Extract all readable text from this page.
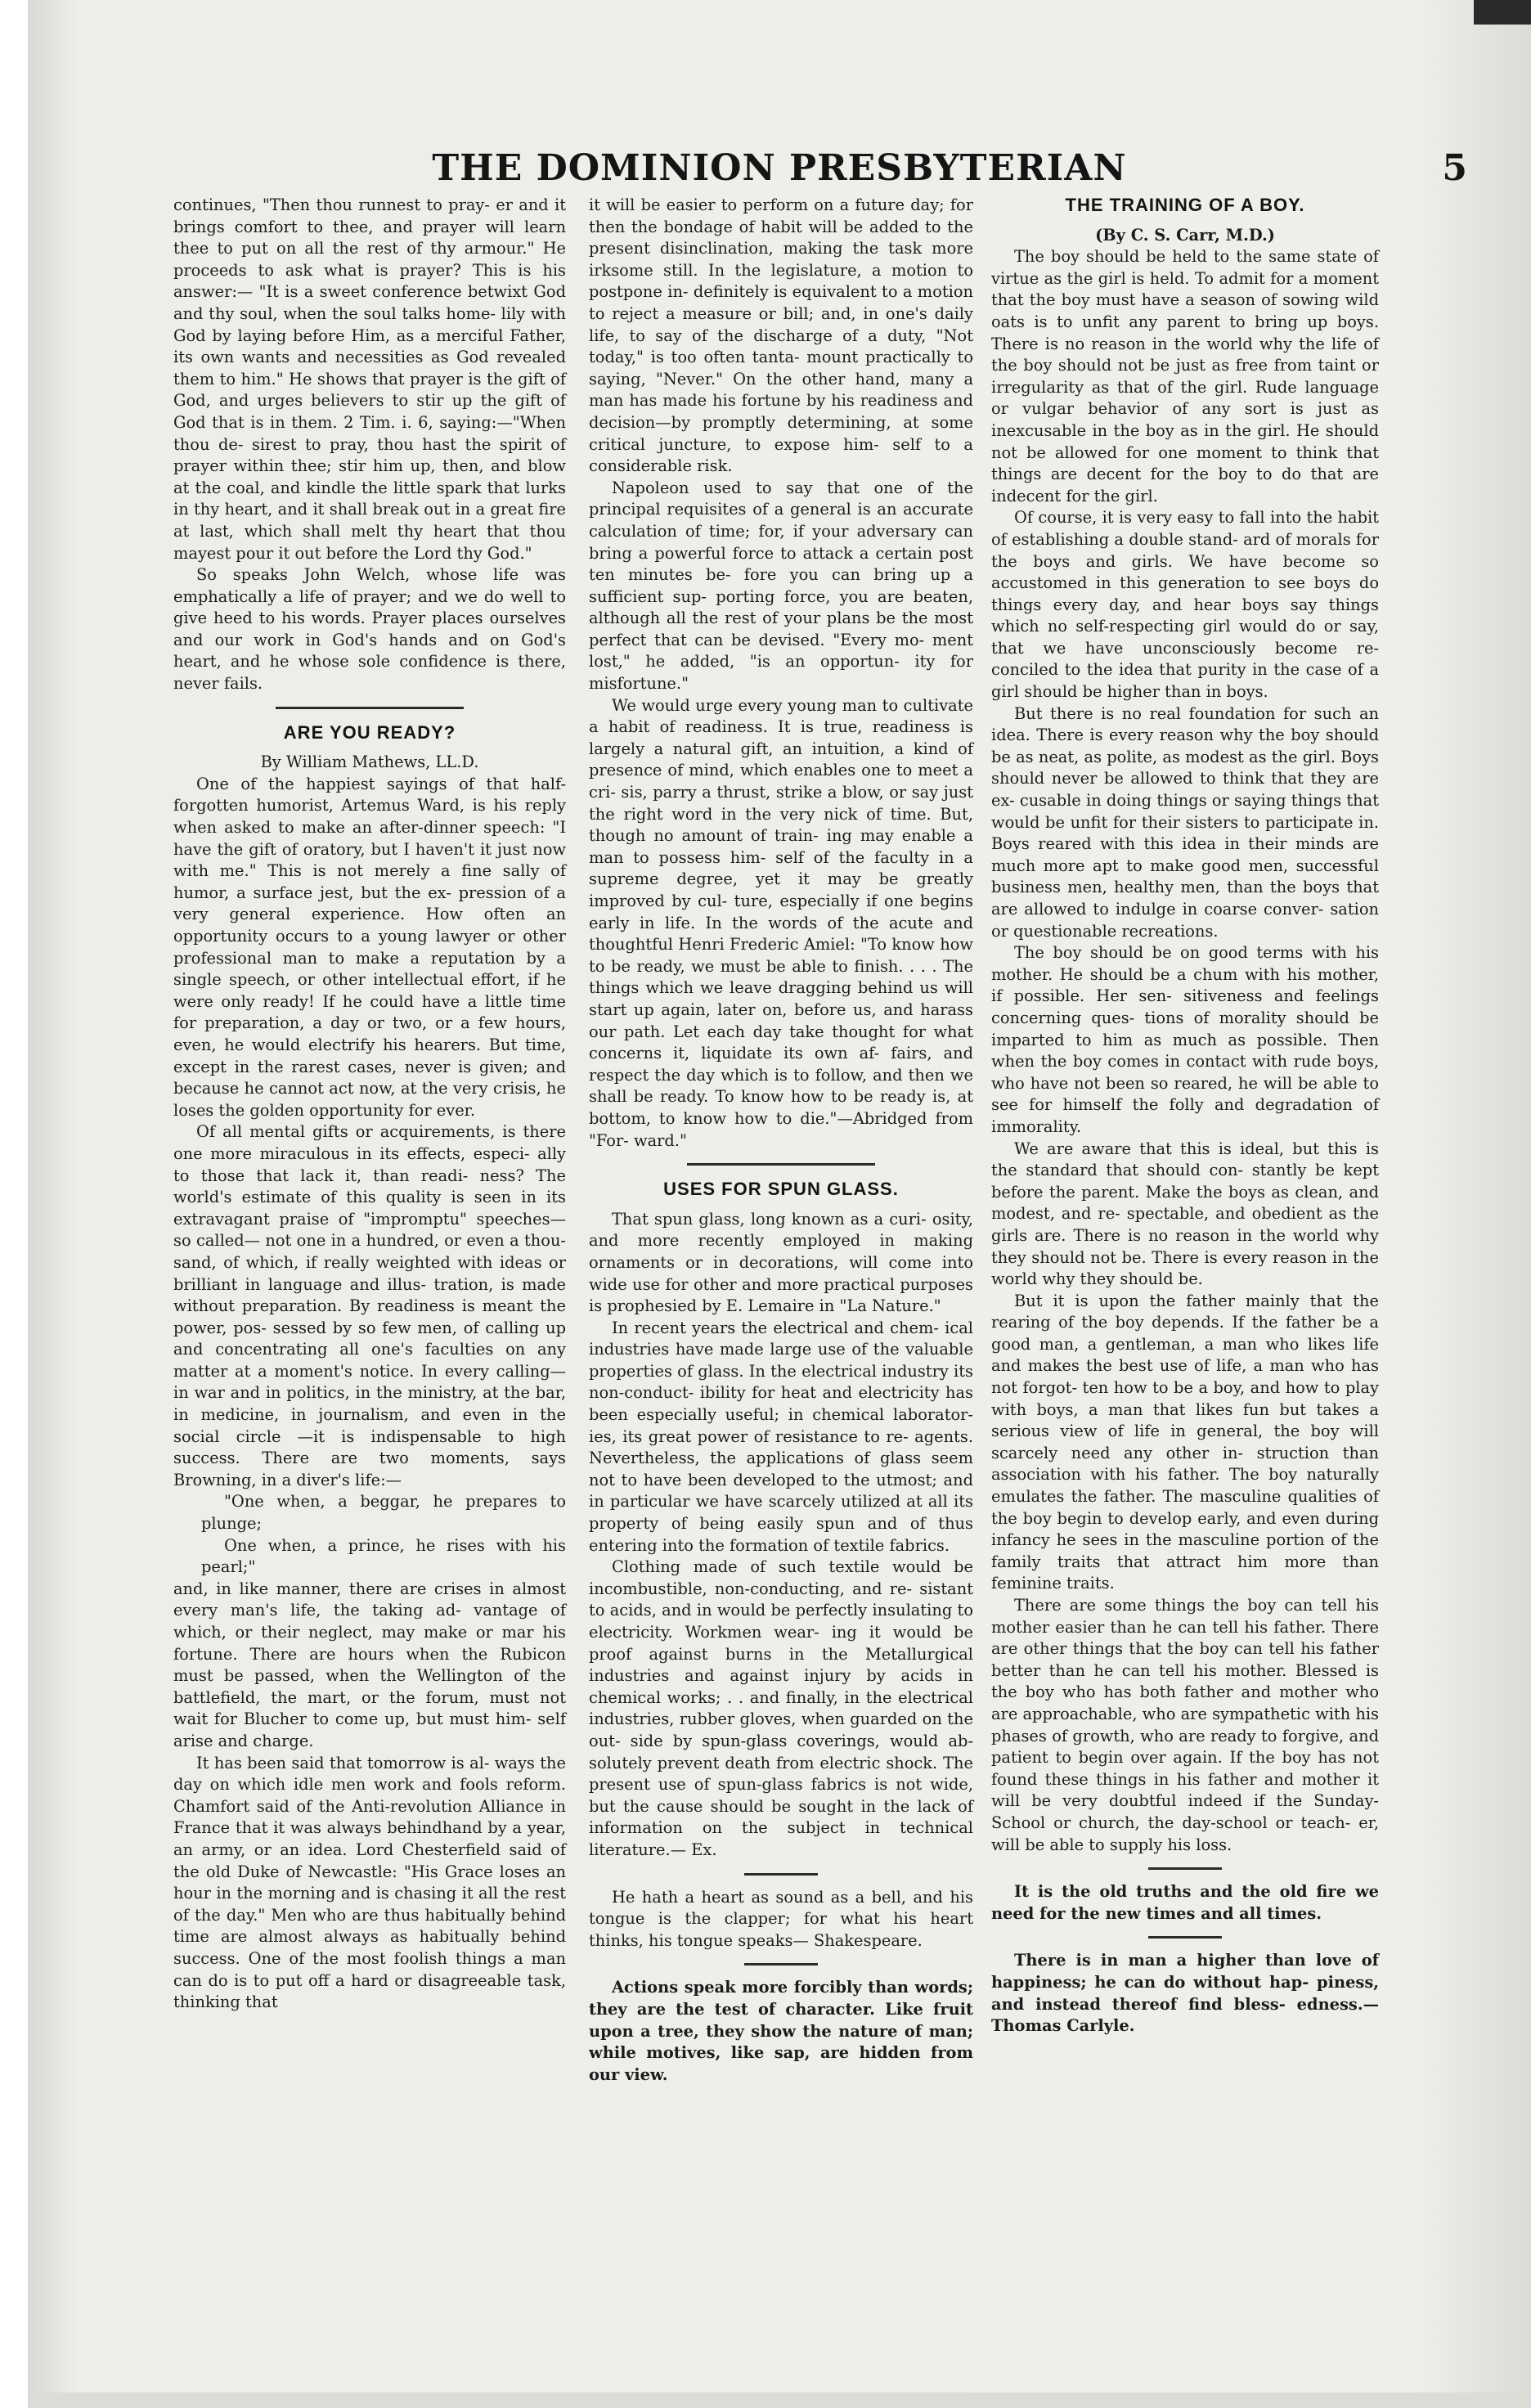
THE DOMINION PRESBYTERIAN	5

continues, "Then thou runnest to pray- er and it brings comfort to thee, and prayer will learn thee to put on all the rest of thy armour." He proceeds to ask what is prayer? This is his answer:— "It is a sweet conference betwixt God and thy soul, when the soul talks home- lily with God by laying before Him, as a merciful Father, its own wants and necessities as God revealed them to him." He shows that prayer is the gift of God, and urges believers to stir up the gift of God that is in them. 2 Tim. i. 6, saying:—"When thou de- sirest to pray, thou hast the spirit of prayer within thee; stir him up, then, and blow at the coal, and kindle the little spark that lurks in thy heart, and it shall break out in a great fire at last, which shall melt thy heart that thou mayest pour it out before the Lord thy God."

So speaks John Welch, whose life was emphatically a life of prayer; and we do well to give heed to his words. Prayer places ourselves and our work in God's hands and on God's heart, and he whose sole confidence is there, never fails.

ARE YOU READY?

By William Mathews, LL.D.

One of the happiest sayings of that half-forgotten humorist, Artemus Ward, is his reply when asked to make an after-dinner speech: "I have the gift of oratory, but I haven't it just now with me." This is not merely a fine sally of humor, a surface jest, but the ex- pression of a very general experience. How often an opportunity occurs to a young lawyer or other professional man to make a reputation by a single speech, or other intellectual effort, if he were only ready! If he could have a little time for preparation, a day or two, or a few hours, even, he would electrify his hearers. But time, except in the rarest cases, never is given; and because he cannot act now, at the very crisis, he loses the golden opportunity for ever.

Of all mental gifts or acquirements, is there one more miraculous in its effects, especi- ally to those that lack it, than readi- ness? The world's estimate of this quality is seen in its extravagant praise of "impromptu" speeches—so called— not one in a hundred, or even a thou- sand, of which, if really weighted with ideas or brilliant in language and illus- tration, is made without preparation. By readiness is meant the power, pos- sessed by so few men, of calling up and concentrating all one's faculties on any matter at a moment's notice. In every calling—in war and in politics, in the ministry, at the bar, in medicine, in journalism, and even in the social circle —it is indispensable to high success. There are two moments, says Browning, in a diver's life:—

"One when, a beggar, he prepares to plunge;

One when, a prince, he rises with his pearl;"

and, in like manner, there are crises in almost every man's life, the taking ad- vantage of which, or their neglect, may make or mar his fortune. There are hours when the Rubicon must be passed, when the Wellington of the battlefield, the mart, or the forum, must not wait for Blucher to come up, but must him- self arise and charge.

It has been said that tomorrow is al- ways the day on which idle men work and fools reform. Chamfort said of the Anti-revolution Alliance in France that it was always behindhand by a year, an army, or an idea. Lord Chesterfield said of the old Duke of Newcastle: "His Grace loses an hour in the morning and is chasing it all the rest of the day." Men who are thus habitually behind time are almost always as habitually behind success. One of the most foolish things a man can do is to put off a hard or disagreeable task, thinking that

it will be easier to perform on a future day; for then the bondage of habit will be added to the present disinclination, making the task more irksome still. In the legislature, a motion to postpone in- definitely is equivalent to a motion to reject a measure or bill; and, in one's daily life, to say of the discharge of a duty, "Not today," is too often tanta- mount practically to saying, "Never." On the other hand, many a man has made his fortune by his readiness and decision—by promptly determining, at some critical juncture, to expose him- self to a considerable risk.

Napoleon used to say that one of the principal requisites of a general is an accurate calculation of time; for, if your adversary can bring a powerful force to attack a certain post ten minutes be- fore you can bring up a sufficient sup- porting force, you are beaten, although all the rest of your plans be the most perfect that can be devised. "Every mo- ment lost," he added, "is an opportun- ity for misfortune."

We would urge every young man to cultivate a habit of readiness. It is true, readiness is largely a natural gift, an intuition, a kind of presence of mind, which enables one to meet a cri- sis, parry a thrust, strike a blow, or say just the right word in the very nick of time. But, though no amount of train- ing may enable a man to possess him- self of the faculty in a supreme degree, yet it may be greatly improved by cul- ture, especially if one begins early in life. In the words of the acute and thoughtful Henri Frederic Amiel: "To know how to be ready, we must be able to finish. . . . The things which we leave dragging behind us will start up again, later on, before us, and harass our path. Let each day take thought for what concerns it, liquidate its own af- fairs, and respect the day which is to follow, and then we shall be ready. To know how to be ready is, at bottom, to know how to die."—Abridged from "For- ward."

USES FOR SPUN GLASS.

That spun glass, long known as a curi- osity, and more recently employed in making ornaments or in decorations, will come into wide use for other and more practical purposes is prophesied by E. Lemaire in "La Nature."

In recent years the electrical and chem- ical industries have made large use of the valuable properties of glass. In the electrical industry its non-conduct- ibility for heat and electricity has been especially useful; in chemical laborator- ies, its great power of resistance to re- agents. Nevertheless, the applications of glass seem not to have been developed to the utmost; and in particular we have scarcely utilized at all its property of being easily spun and of thus entering into the formation of textile fabrics.

Clothing made of such textile would be incombustible, non-conducting, and re- sistant to acids, and in would be perfectly insulating to electricity. Workmen wear- ing it would be proof against burns in the Metallurgical industries and against injury by acids in chemical works; . . and finally, in the electrical industries, rubber gloves, when guarded on the out- side by spun-glass coverings, would ab- solutely prevent death from electric shock. The present use of spun-glass fabrics is not wide, but the cause should be sought in the lack of information on the subject in technical literature.— Ex.

He hath a heart as sound as a bell, and his tongue is the clapper; for what his heart thinks, his tongue speaks— Shakespeare.

Actions speak more forcibly than words; they are the test of character. Like fruit upon a tree, they show the nature of man; while motives, like sap, are hidden from our view.

THE TRAINING OF A BOY.

(By C. S. Carr, M.D.)

The boy should be held to the same state of virtue as the girl is held. To admit for a moment that the boy must have a season of sowing wild oats is to unfit any parent to bring up boys. There is no reason in the world why the life of the boy should not be just as free from taint or irregularity as that of the girl. Rude language or vulgar behavior of any sort is just as inexcusable in the boy as in the girl. He should not be allowed for one moment to think that things are decent for the boy to do that are indecent for the girl.

Of course, it is very easy to fall into the habit of establishing a double stand- ard of morals for the boys and girls. We have become so accustomed in this generation to see boys do things every day, and hear boys say things which no self-respecting girl would do or say, that we have unconsciously become re- conciled to the idea that purity in the case of a girl should be higher than in boys.

But there is no real foundation for such an idea. There is every reason why the boy should be as neat, as polite, as modest as the girl. Boys should never be allowed to think that they are ex- cusable in doing things or saying things that would be unfit for their sisters to participate in. Boys reared with this idea in their minds are much more apt to make good men, successful business men, healthy men, than the boys that are allowed to indulge in coarse conver- sation or questionable recreations.

The boy should be on good terms with his mother. He should be a chum with his mother, if possible. Her sen- sitiveness and feelings concerning ques- tions of morality should be imparted to him as much as possible. Then when the boy comes in contact with rude boys, who have not been so reared, he will be able to see for himself the folly and degradation of immorality.

We are aware that this is ideal, but this is the standard that should con- stantly be kept before the parent. Make the boys as clean, and modest, and re- spectable, and obedient as the girls are. There is no reason in the world why they should not be. There is every reason in the world why they should be.

But it is upon the father mainly that the rearing of the boy depends. If the father be a good man, a gentleman, a man who likes life and makes the best use of life, a man who has not forgot- ten how to be a boy, and how to play with boys, a man that likes fun but takes a serious view of life in general, the boy will scarcely need any other in- struction than association with his father. The boy naturally emulates the father. The masculine qualities of the boy begin to develop early, and even during infancy he sees in the masculine portion of the family traits that attract him more than feminine traits.

There are some things the boy can tell his mother easier than he can tell his father. There are other things that the boy can tell his father better than he can tell his mother. Blessed is the boy who has both father and mother who are approachable, who are sympathetic with his phases of growth, who are ready to forgive, and patient to begin over again. If the boy has not found these things in his father and mother it will be very doubtful indeed if the Sunday- School or church, the day-school or teach- er, will be able to supply his loss.

It is the old truths and the old fire we need for the new times and all times.

There is in man a higher than love of happiness; he can do without hap- piness, and instead thereof find bless- edness.—Thomas Carlyle.
